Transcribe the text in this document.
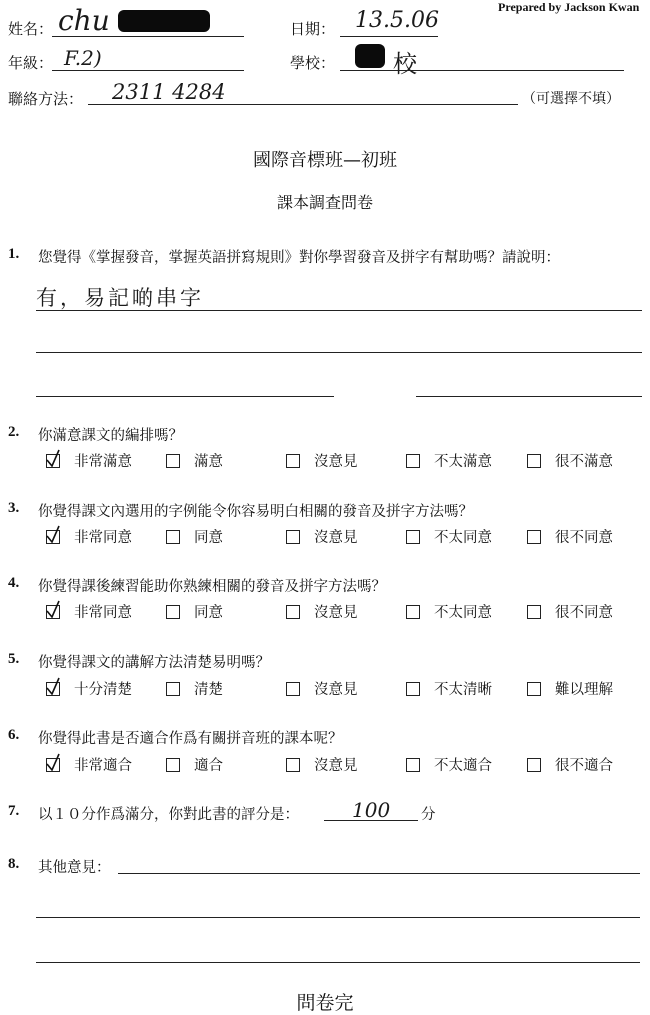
Prepared by Jackson Kwan
姓名： chu	日期： 13.5.06
年級： F.2)	學校： 校
聯絡方法： 2311 4284	（可選擇不填）
國際音標班—初班
課本調查問卷
1. 您覺得《掌握發音，掌握英語拼寫規則》對你學習發音及拼字有幫助嗎？請說明：
有，易記啲串字
2. 你滿意課文的編排嗎？
非常滿意	滿意	沒意見	不太滿意	很不滿意
3. 你覺得課文內選用的字例能令你容易明白相關的發音及拼字方法嗎？
非常同意	同意	沒意見	不太同意	很不同意
4. 你覺得課後練習能助你熟練相關的發音及拼字方法嗎？
非常同意	同意	沒意見	不太同意	很不同意
5. 你覺得課文的講解方法清楚易明嗎？
十分清楚	清楚	沒意見	不太清晰	難以理解
6. 你覺得此書是否適合作爲有關拼音班的課本呢？
非常適合	適合	沒意見	不太適合	很不適合
7. 以１０分作爲滿分，你對此書的評分是：	100 分
8. 其他意見：
問卷完
